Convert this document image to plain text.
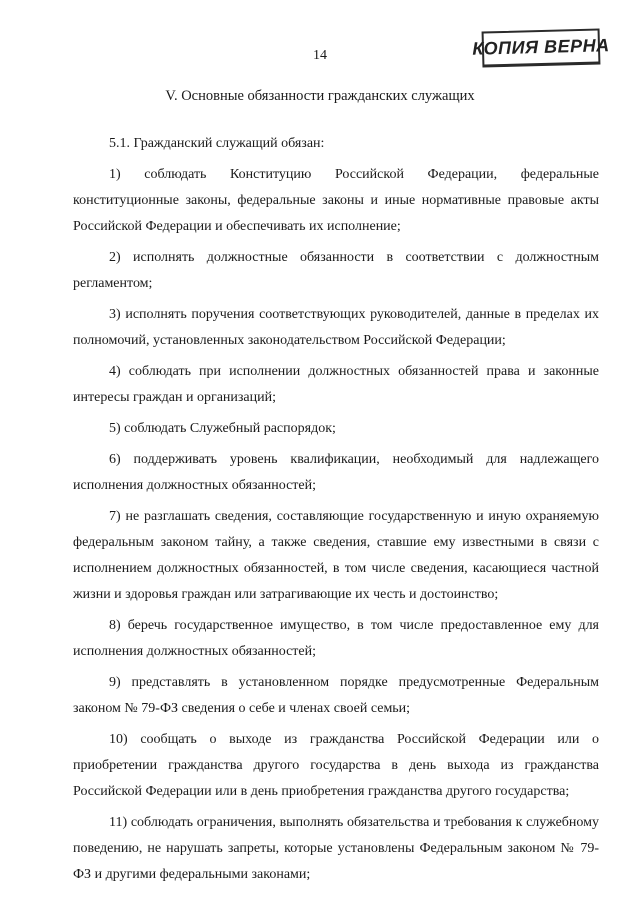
14	КОПИЯ ВЕРНА
V. Основные обязанности гражданских служащих

5.1. Гражданский служащий обязан:

1) соблюдать Конституцию Российской Федерации, федеральные конституционные законы, федеральные законы и иные нормативные правовые акты Российской Федерации и обеспечивать их исполнение;

2) исполнять должностные обязанности в соответствии с должностным регламентом;

3) исполнять поручения соответствующих руководителей, данные в пределах их полномочий, установленных законодательством Российской Федерации;

4) соблюдать при исполнении должностных обязанностей права и законные интересы граждан и организаций;

5) соблюдать Служебный распорядок;

6) поддерживать уровень квалификации, необходимый для надлежащего исполнения должностных обязанностей;

7) не разглашать сведения, составляющие государственную и иную охраняемую федеральным законом тайну, а также сведения, ставшие ему известными в связи с исполнением должностных обязанностей, в том числе сведения, касающиеся частной жизни и здоровья граждан или затрагивающие их честь и достоинство;

8) беречь государственное имущество, в том числе предоставленное ему для исполнения должностных обязанностей;

9) представлять в установленном порядке предусмотренные Федеральным законом № 79-ФЗ сведения о себе и членах своей семьи;

10) сообщать о выходе из гражданства Российской Федерации или о приобретении гражданства другого государства в день выхода из гражданства Российской Федерации или в день приобретения гражданства другого государства;

11) соблюдать ограничения, выполнять обязательства и требования к служебному поведению, не нарушать запреты, которые установлены Федеральным законом № 79-ФЗ и другими федеральными законами;
